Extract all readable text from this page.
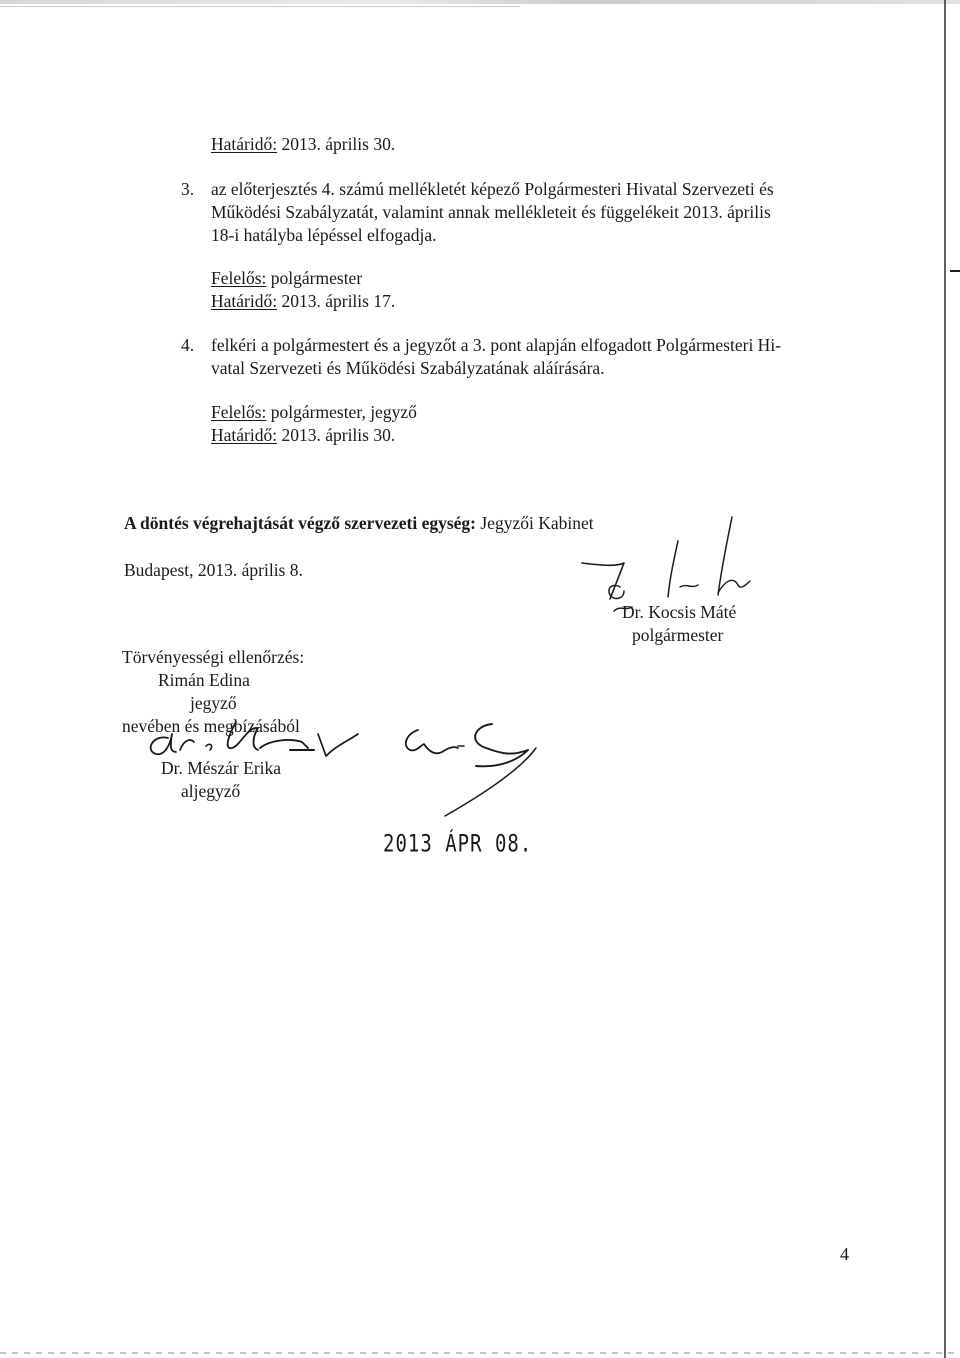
Határidő: 2013. április 30.
3. az előterjesztés 4. számú mellékletét képező Polgármesteri Hivatal Szervezeti és
Működési Szabályzatát, valamint annak mellékleteit és függelékeit 2013. április
18-i hatályba lépéssel elfogadja.
Felelős: polgármester
Határidő: 2013. április 17.
4. felkéri a polgármestert és a jegyzőt a 3. pont alapján elfogadott Polgármesteri Hi-
vatal Szervezeti és Működési Szabályzatának aláírására.
Felelős: polgármester, jegyző
Határidő: 2013. április 30.
A döntés végrehajtását végző szervezeti egység: Jegyzői Kabinet
Budapest, 2013. április 8.
Dr. Kocsis Máté
polgármester
Törvényességi ellenőrzés:
Rimán Edina
jegyző
nevében és megbízásából
Dr. Mészár Erika
aljegyző
2013 ÁPR 08.
4
